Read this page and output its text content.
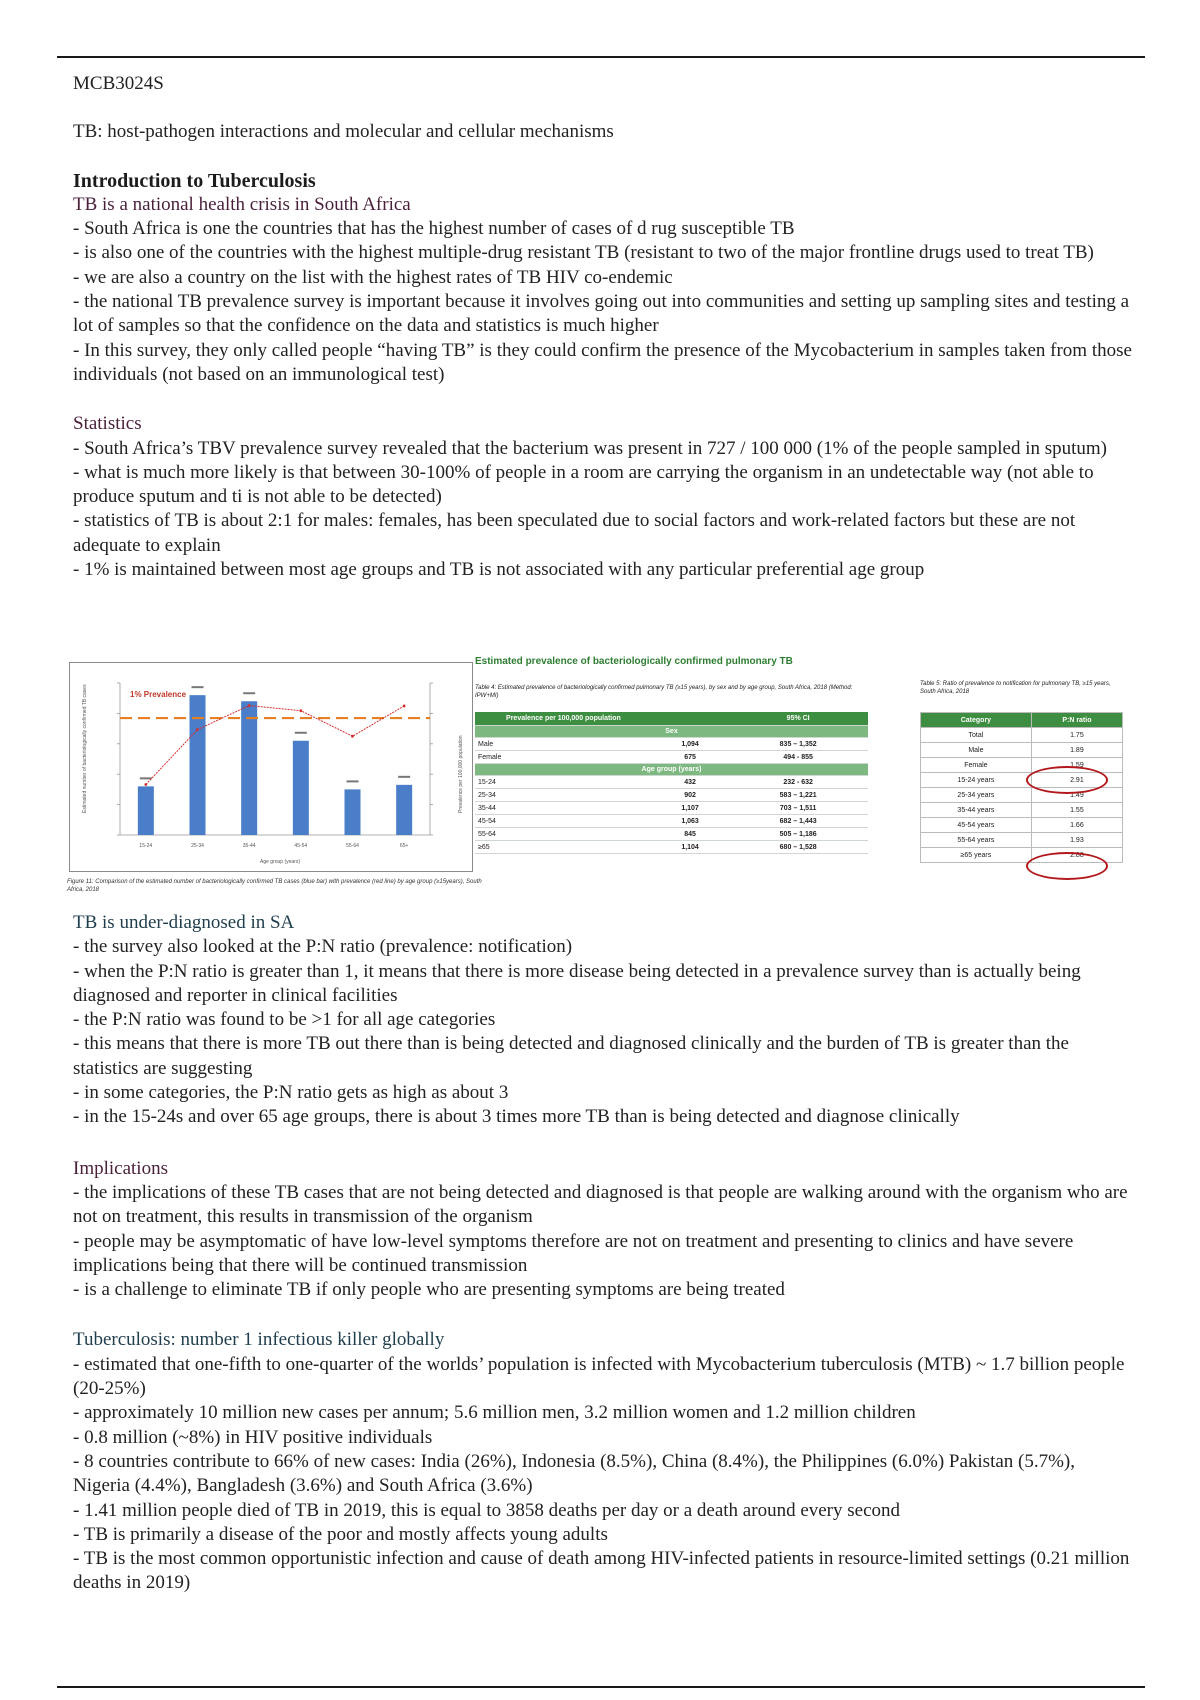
MCB3024S

TB: host-pathogen interactions and molecular and cellular mechanisms

Introduction to Tuberculosis

TB is a national health crisis in South Africa

- South Africa is one the countries that has the highest number of cases of d rug susceptible TB

- is also one of the countries with the highest multiple-drug resistant TB (resistant to two of the major frontline drugs used to treat TB)

- we are also a country on the list with the highest rates of TB HIV co-endemic

- the national TB prevalence survey is important because it involves going out into communities and setting up sampling sites and testing a lot of samples so that the confidence on the data and statistics is much higher

- In this survey, they only called people “having TB” is they could confirm the presence of the Mycobacterium in samples taken from those individuals (not based on an immunological test)

Statistics

- South Africa’s TBV prevalence survey revealed that the bacterium was present in 727 / 100 000 (1% of the people sampled in sputum)

- what is much more likely is that between 30-100% of people in a room are carrying the organism in an undetectable way (not able to produce sputum and ti is not able to be detected)

- statistics of TB is about 2:1 for males: females, has been speculated due to social factors and work-related factors but these are not adequate to explain

- 1% is maintained between most age groups and TB is not associated with any particular preferential age group

15-24	25-34	35-44	45-54	55-64	65+
1% Prevalence
Estimated number of bacteriologically confirmed TB cases	Prevalence per 100,000 population
Age group (years)
Figure 11: Comparison of the estimated number of bacteriologically confirmed TB cases (blue bar) with prevalence (red line) by age group (≥15years), South Africa, 2018
Estimated prevalence of bacteriologically confirmed pulmonary TB
Table 4: Estimated prevalence of bacteriologically confirmed pulmonary TB (≥15 years), by sex and by age group, South Africa, 2018 (Method: IPW+MI)
Table 5: Ratio of prevalence to notification for pulmonary TB, ≥15 years, South Africa, 2018
Prevalence per 100,000 population		95% CI
Sex		
Male	1,094	835 – 1,352
Female	675	494 - 855
Age group (years)		
15-24	432	232 - 632
25-34	902	583 – 1,221
35-44	1,107	703 – 1,511
45-54	1,063	682 – 1,443
55-64	845	505 – 1,186
≥65	1,104	680 – 1,528
Category	P:N ratio
Total	1.75
Male	1.89
Female	1.59
15-24 years	2.91
25-34 years	1.49
35-44 years	1.55
45-54 years	1.66
55-64 years	1.93
≥65 years	2.88

TB is under-diagnosed in SA

- the survey also looked at the P:N ratio (prevalence: notification)

- when the P:N ratio is greater than 1, it means that there is more disease being detected in a prevalence survey than is actually being diagnosed and reporter in clinical facilities

- the P:N ratio was found to be >1 for all age categories

- this means that there is more TB out there than is being detected and diagnosed clinically and the burden of TB is greater than the statistics are suggesting

- in some categories, the P:N ratio gets as high as about 3

- in the 15-24s and over 65 age groups, there is about 3 times more TB than is being detected and diagnose clinically

Implications

- the implications of these TB cases that are not being detected and diagnosed is that people are walking around with the organism who are not on treatment, this results in transmission of the organism

- people may be asymptomatic of have low-level symptoms therefore are not on treatment and presenting to clinics and have severe implications being that there will be continued transmission

- is a challenge to eliminate TB if only people who are presenting symptoms are being treated

Tuberculosis: number 1 infectious killer globally

- estimated that one-fifth to one-quarter of the worlds’ population is infected with Mycobacterium tuberculosis (MTB) ~ 1.7 billion people (20-25%)

- approximately 10 million new cases per annum; 5.6 million men, 3.2 million women and 1.2 million children

- 0.8 million (~8%) in HIV positive individuals

- 8 countries contribute to 66% of new cases: India (26%), Indonesia (8.5%), China (8.4%), the Philippines (6.0%) Pakistan (5.7%), Nigeria (4.4%), Bangladesh (3.6%) and South Africa (3.6%)

- 1.41 million people died of TB in 2019, this is equal to 3858 deaths per day or a death around every second

- TB is primarily a disease of the poor and mostly affects young adults

- TB is the most common opportunistic infection and cause of death among HIV-infected patients in resource-limited settings (0.21 million deaths in 2019)
